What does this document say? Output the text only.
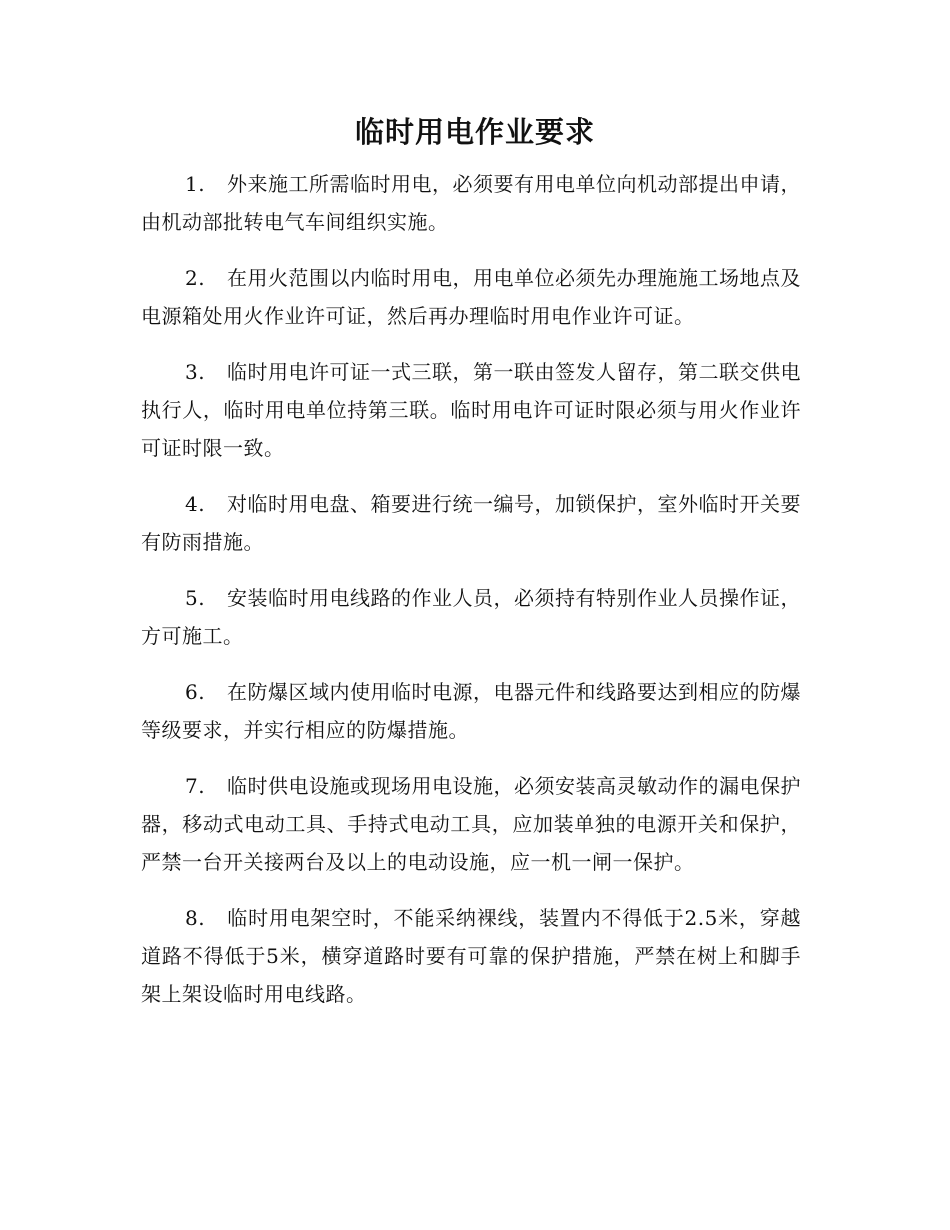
临时用电作业要求

1. 外来施工所需临时用电，必须要有用电单位向机动部提出申请，由机动部批转电气车间组织实施。

2. 在用火范围以内临时用电，用电单位必须先办理施施工场地点及电源箱处用火作业许可证，然后再办理临时用电作业许可证。

3. 临时用电许可证一式三联，第一联由签发人留存，第二联交供电执行人，临时用电单位持第三联。临时用电许可证时限必须与用火作业许可证时限一致。

4. 对临时用电盘、箱要进行统一编号，加锁保护，室外临时开关要有防雨措施。

5. 安装临时用电线路的作业人员，必须持有特别作业人员操作证，方可施工。

6. 在防爆区域内使用临时电源，电器元件和线路要达到相应的防爆等级要求，并实行相应的防爆措施。

7. 临时供电设施或现场用电设施，必须安装高灵敏动作的漏电保护器，移动式电动工具、手持式电动工具，应加装单独的电源开关和保护，严禁一台开关接两台及以上的电动设施，应一机一闸一保护。

8. 临时用电架空时，不能采纳裸线，装置内不得低于2.5米，穿越道路不得低于5米，横穿道路时要有可靠的保护措施，严禁在树上和脚手架上架设临时用电线路。
